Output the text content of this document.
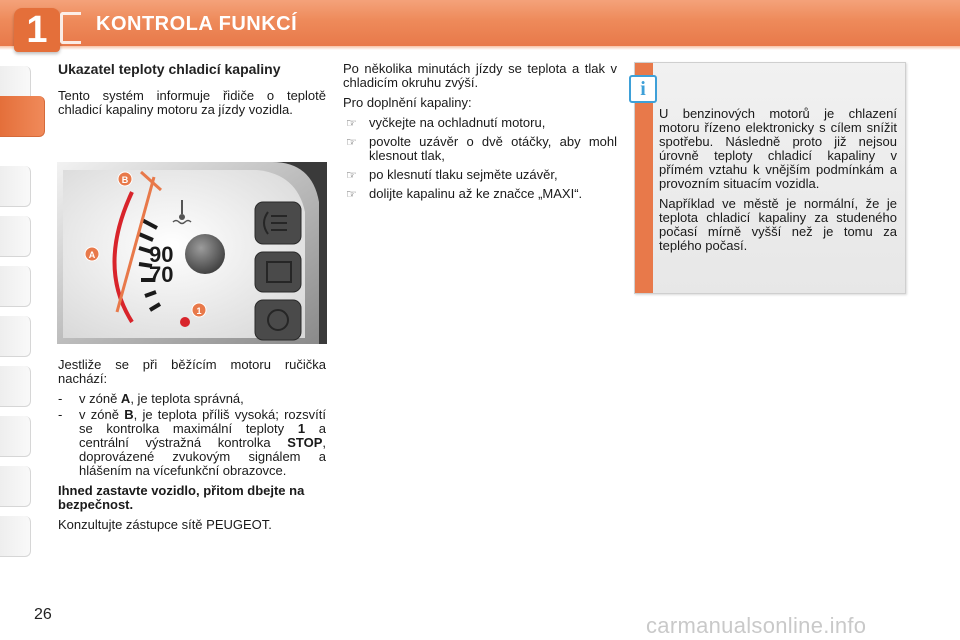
1	KONTROLA FUNKCÍ
Ukazatel teploty chladicí kapaliny

Tento systém informuje řidiče o teplotě chladicí kapaliny motoru za jízdy vozidla.

90
70
B
A
1

Jestliže se při běžícím motoru ručička nachází:

- v zóně A, je teplota správná,
- v zóně B, je teplota příliš vysoká; rozsvítí se kontrolka maximální teploty 1 a centrální výstražná kontrolka STOP, doprovázené zvukovým signálem a hlášením na vícefunkční obrazovce.

Ihned zastavte vozidlo, přitom dbejte na bezpečnost.

Konzultujte zástupce sítě PEUGEOT.

Po několika minutách jízdy se teplota a tlak v chladicím okruhu zvýší.

Pro doplnění kapaliny:

☞ vyčkejte na ochladnutí motoru,
☞ povolte uzávěr o dvě otáčky, aby mohl klesnout tlak,
☞ po klesnutí tlaku sejměte uzávěr,
☞ dolijte kapalinu až ke značce „MAXI“.
i

U benzinových motorů je chlazení motoru řízeno elektronicky s cílem snížit spotřebu. Následně proto již nejsou úrovně teploty chladicí kapaliny v přímém vztahu k vnějším podmínkám a provozním situacím vozidla.

Například ve městě je normální, že je teplota chladicí kapaliny za studeného počasí mírně vyšší než je tomu za teplého počasí.

26	carmanualsonline.info
